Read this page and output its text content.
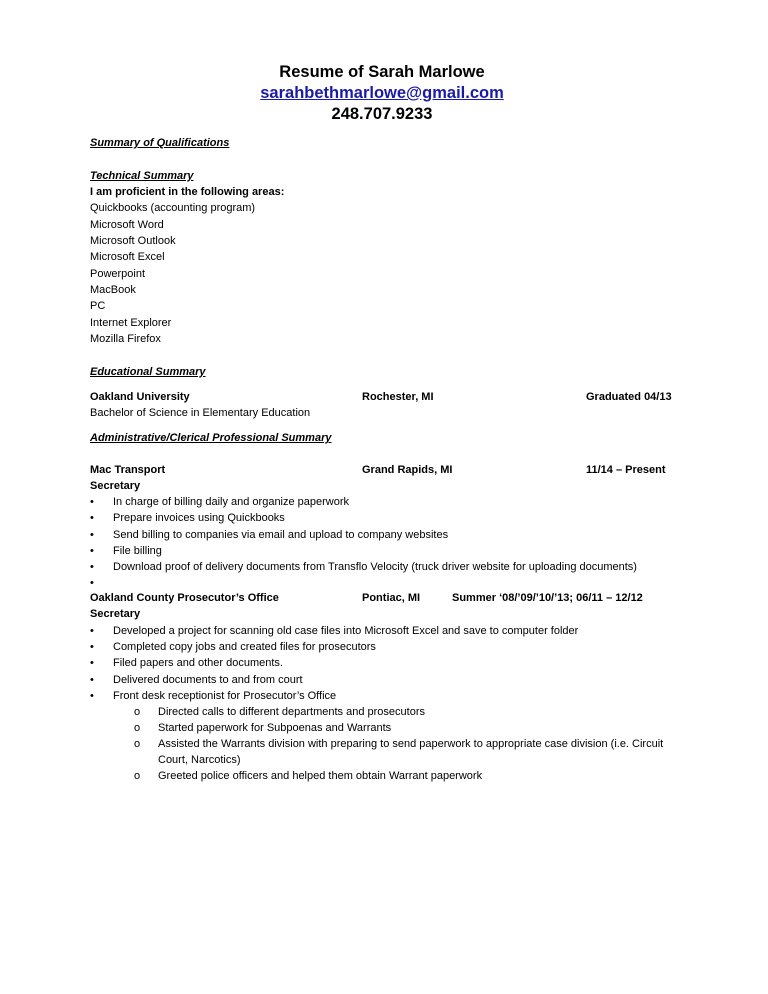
Resume of Sarah Marlowe
sarahbethmarlowe@gmail.com
248.707.9233
Summary of Qualifications
Technical Summary
I am proficient in the following areas:
Quickbooks (accounting program)
Microsoft Word
Microsoft Outlook
Microsoft Excel
Powerpoint
MacBook
PC
Internet Explorer
Mozilla Firefox
Educational Summary
Oakland University	Rochester, MI	Graduated 04/13
Bachelor of Science in Elementary Education
Administrative/Clerical Professional Summary
Mac Transport	Grand Rapids, MI	11/14 – Present
Secretary
• In charge of billing daily and organize paperwork
• Prepare invoices using Quickbooks
• Send billing to companies via email and upload to company websites
• File billing
• Download proof of delivery documents from Transflo Velocity (truck driver website for uploading documents)
•
Oakland County Prosecutor’s Office	Pontiac, MI	Summer ‘08/’09/’10/’13; 06/11 – 12/12
Secretary
• Developed a project for scanning old case files into Microsoft Excel and save to computer folder
• Completed copy jobs and created files for prosecutors
• Filed papers and other documents.
• Delivered documents to and from court
• Front desk receptionist for Prosecutor’s Office
o Directed calls to different departments and prosecutors
o Started paperwork for Subpoenas and Warrants
o Assisted the Warrants division with preparing to send paperwork to appropriate case division (i.e. Circuit Court, Narcotics)
o Greeted police officers and helped them obtain Warrant paperwork
